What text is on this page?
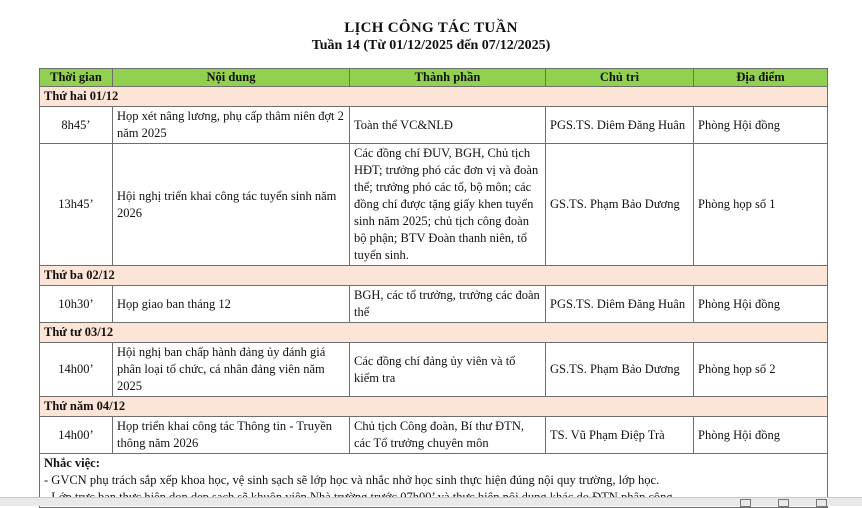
LỊCH CÔNG TÁC TUẦN
Tuần 14 (Từ 01/12/2025 đến 07/12/2025)
Thời gian	Nội dung	Thành phần	Chủ trì	Địa điểm
Thứ hai 01/12				
8h45’	Họp xét nâng lương, phụ cấp thâm niên đợt 2 năm 2025	Toàn thể VC&NLĐ	PGS.TS. Diêm Đăng Huân	Phòng Hội đồng
13h45’	Hội nghị triển khai công tác tuyển sinh năm 2026	Các đồng chí ĐUV, BGH, Chủ tịch HĐT; trưởng phó các đơn vị và đoàn thể; trưởng phó các tổ, bộ môn; các đồng chí được tặng giấy khen tuyển sinh năm 2025; chủ tịch công đoàn bộ phận; BTV Đoàn thanh niên, tổ tuyển sinh.	GS.TS. Phạm Bảo Dương	Phòng họp số 1
Thứ ba 02/12				
10h30’	Họp giao ban tháng 12	BGH, các tổ trưởng, trưởng các đoàn thể	PGS.TS. Diêm Đăng Huân	Phòng Hội đồng
Thứ tư 03/12				
14h00’	Hội nghị ban chấp hành đảng ủy đánh giá phân loại tổ chức, cá nhân đảng viên năm 2025	Các đồng chí đảng ủy viên và tổ kiểm tra	GS.TS. Phạm Bảo Dương	Phòng họp số 2
Thứ năm 04/12				
14h00’	Họp triển khai công tác Thông tin - Truyền thông năm 2026	Chủ tịch Công đoàn, Bí thư ĐTN, các Tổ trưởng chuyên môn	TS. Vũ Phạm Điệp Trà	Phòng Hội đồng

Nhắc việc:
- GVCN phụ trách sắp xếp khoa học, vệ sinh sạch sẽ lớp học và nhắc nhở học sinh thực hiện đúng nội quy trường, lớp học.				
